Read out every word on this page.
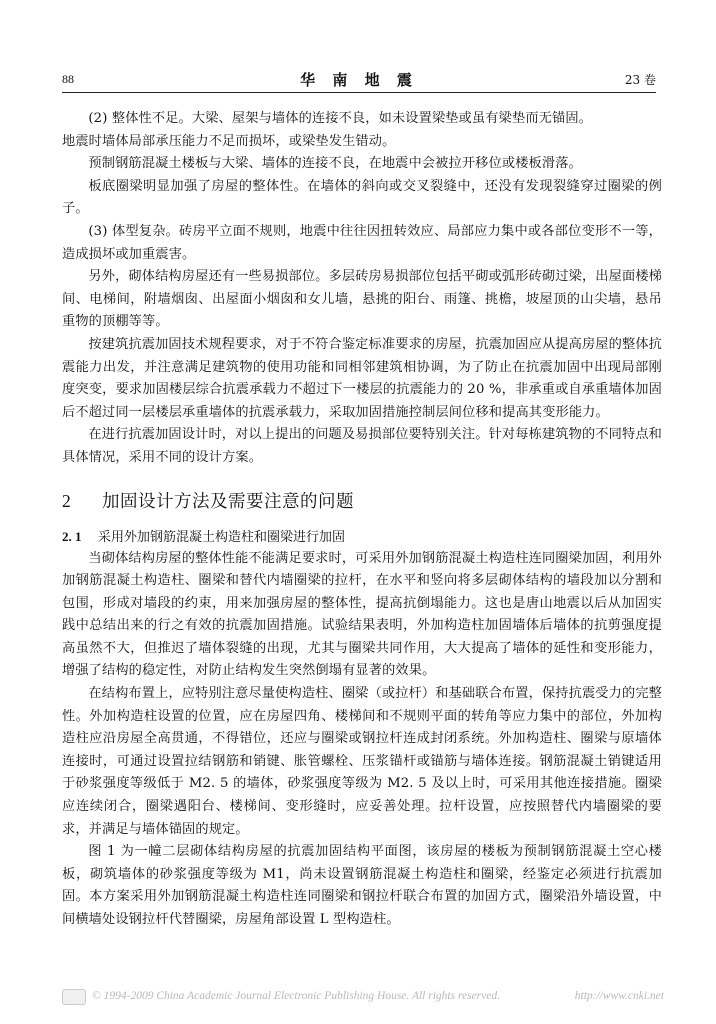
88	华 南 地 震	23 卷

(2) 整体性不足。大梁、屋架与墙体的连接不良，如未设置梁垫或虽有梁垫而无锚固。

地震时墙体局部承压能力不足而损坏，或梁垫发生错动。

预制钢筋混凝土楼板与大梁、墙体的连接不良，在地震中会被拉开移位或楼板滑落。

板底圈梁明显加强了房屋的整体性。在墙体的斜向或交叉裂缝中，还没有发现裂缝穿过圈梁的例子。

(3) 体型复杂。砖房平立面不规则，地震中往往因扭转效应、局部应力集中或各部位变形不一等，造成损坏或加重震害。

另外，砌体结构房屋还有一些易损部位。多层砖房易损部位包括平砌或弧形砖砌过梁，出屋面楼梯间、电梯间，附墙烟囱、出屋面小烟囱和女儿墙，悬挑的阳台、雨篷、挑檐，坡屋顶的山尖墙，悬吊重物的顶棚等等。

按建筑抗震加固技术规程要求，对于不符合鉴定标准要求的房屋，抗震加固应从提高房屋的整体抗震能力出发，并注意满足建筑物的使用功能和同相邻建筑相协调，为了防止在抗震加固中出现局部刚度突变，要求加固楼层综合抗震承载力不超过下一楼层的抗震能力的 20 %，非承重或自承重墙体加固后不超过同一层楼层承重墙体的抗震承载力，采取加固措施控制层间位移和提高其变形能力。

在进行抗震加固设计时，对以上提出的问题及易损部位要特别关注。针对每栋建筑物的不同特点和具体情况，采用不同的设计方案。

2 加固设计方法及需要注意的问题
2. 1 采用外加钢筋混凝土构造柱和圈梁进行加固

当砌体结构房屋的整体性能不能满足要求时，可采用外加钢筋混凝土构造柱连同圈梁加固，利用外加钢筋混凝土构造柱、圈梁和替代内墙圈梁的拉杆，在水平和竖向将多层砌体结构的墙段加以分割和包围，形成对墙段的约束，用来加强房屋的整体性，提高抗倒塌能力。这也是唐山地震以后从加固实践中总结出来的行之有效的抗震加固措施。试验结果表明，外加构造柱加固墙体后墙体的抗剪强度提高虽然不大，但推迟了墙体裂缝的出现，尤其与圈梁共同作用，大大提高了墙体的延性和变形能力，增强了结构的稳定性，对防止结构发生突然倒塌有显著的效果。

在结构布置上，应特别注意尽量使构造柱、圈梁（或拉杆）和基础联合布置，保持抗震受力的完整性。外加构造柱设置的位置，应在房屋四角、楼梯间和不规则平面的转角等应力集中的部位，外加构造柱应沿房屋全高贯通，不得错位，还应与圈梁或钢拉杆连成封闭系统。外加构造柱、圈梁与原墙体连接时，可通过设置拉结钢筋和销键、胀管螺栓、压浆锚杆或锚筋与墙体连接。钢筋混凝土销键适用于砂浆强度等级低于 M2. 5 的墙体，砂浆强度等级为 M2. 5 及以上时，可采用其他连接措施。圈梁应连续闭合，圈梁遇阳台、楼梯间、变形缝时，应妥善处理。拉杆设置，应按照替代内墙圈梁的要求，并满足与墙体锚固的规定。

图 1 为一幢二层砌体结构房屋的抗震加固结构平面图，该房屋的楼板为预制钢筋混凝土空心楼板，砌筑墙体的砂浆强度等级为 M1，尚未设置钢筋混凝土构造柱和圈梁，经鉴定必须进行抗震加固。本方案采用外加钢筋混凝土构造柱连同圈梁和钢拉杆联合布置的加固方式，圈梁沿外墙设置，中间横墙处设钢拉杆代替圈梁，房屋角部设置 L 型构造柱。

© 1994-2009 China Academic Journal Electronic Publishing House. All rights reserved.	http://www.cnki.net
